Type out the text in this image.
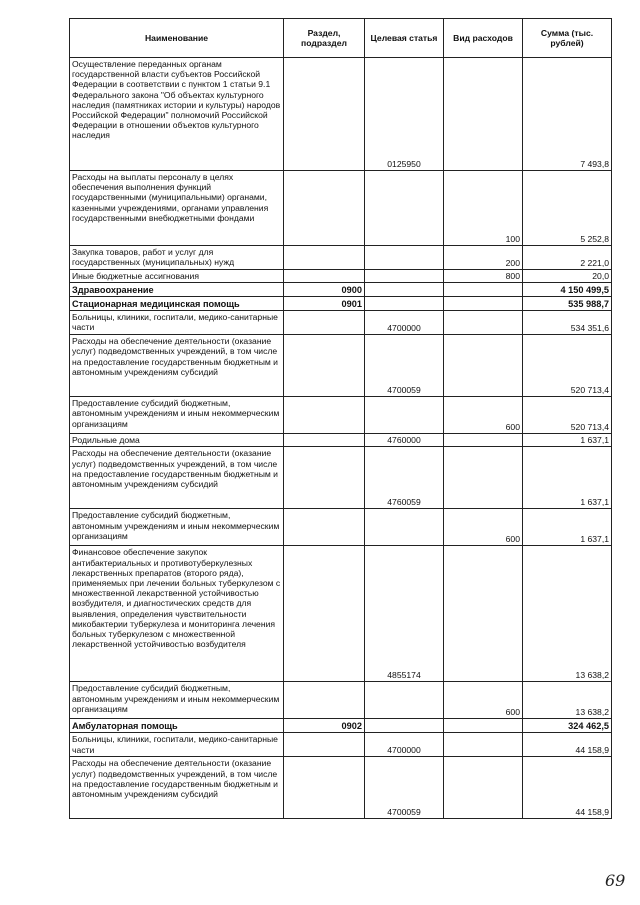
Наименование	Раздел, подраздел	Целевая статья	Вид расходов	Сумма (тыс. рублей)
Осуществление переданных органам государственной власти субъектов Российской Федерации в соответствии с пунктом 1 статьи 9.1 Федерального закона "Об объектах культурного наследия (памятниках истории и культуры) народов Российской Федерации" полномочий Российской Федерации в отношении объектов культурного наследия		0125950		7 493,8
Расходы на выплаты персоналу в целях обеспечения выполнения функций государственными (муниципальными) органами, казенными учреждениями, органами управления государственными внебюджетными фондами			100	5 252,8
Закупка товаров, работ и услуг для государственных (муниципальных) нужд			200	2 221,0
Иные бюджетные ассигнования			800	20,0
Здравоохранение	0900			4 150 499,5
Стационарная медицинская помощь	0901			535 988,7
Больницы, клиники, госпитали, медико-санитарные части		4700000		534 351,6
Расходы на обеспечение деятельности (оказание услуг) подведомственных учреждений, в том числе на предоставление государственным бюджетным и автономным учреждениям субсидий		4700059		520 713,4
Предоставление субсидий бюджетным, автономным учреждениям и иным некоммерческим организациям			600	520 713,4
Родильные дома		4760000		1 637,1
Расходы на обеспечение деятельности (оказание услуг) подведомственных учреждений, в том числе на предоставление государственным бюджетным и автономным учреждениям субсидий		4760059		1 637,1
Предоставление субсидий бюджетным, автономным учреждениям и иным некоммерческим организациям			600	1 637,1
Финансовое обеспечение закупок антибактериальных и противотуберкулезных лекарственных препаратов (второго ряда), применяемых при лечении больных туберкулезом с множественной лекарственной устойчивостью возбудителя, и диагностических средств для выявления, определения чувствительности микобактерии туберкулеза и мониторинга лечения больных туберкулезом с множественной лекарственной устойчивостью возбудителя		4855174		13 638,2
Предоставление субсидий бюджетным, автономным учреждениям и иным некоммерческим организациям			600	13 638,2
Амбулаторная помощь	0902			324 462,5
Больницы, клиники, госпитали, медико-санитарные части		4700000		44 158,9
Расходы на обеспечение деятельности (оказание услуг) подведомственных учреждений, в том числе на предоставление государственным бюджетным и автономным учреждениям субсидий		4700059		44 158,9
69
